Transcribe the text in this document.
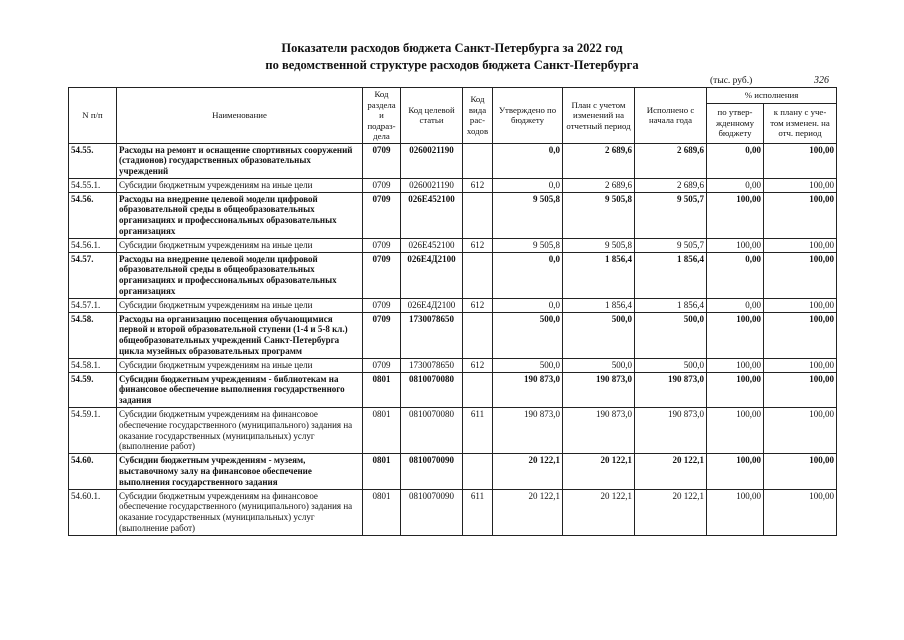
Показатели расходов бюджета Санкт-Петербурга за 2022 год
по ведомственной структуре расходов бюджета Санкт-Петербурга
(тыс. руб.)	326
N п/п	Наименование	Код раздела и подраз- дела	Код целевой статьи	Код вида рас- ходов	Утверждено по бюджету	План с учетом изменений на отчетный период	Исполнено с начала года	% исполнения	
								по утвер- жденному бюджету	к плану с уче- том изменен. на отч. период
54.55.	Расходы на ремонт и оснащение спортивных сооружений (стадионов) государственных образовательных учреждений	0709	0260021190		0,0	2 689,6	2 689,6	0,00	100,00
54.55.1.	Субсидии бюджетным учреждениям на иные цели	0709	0260021190	612	0,0	2 689,6	2 689,6	0,00	100,00
54.56.	Расходы на внедрение целевой модели цифровой образовательной среды в общеобразовательных организациях и профессиональных образовательных организациях	0709	026E452100		9 505,8	9 505,8	9 505,7	100,00	100,00
54.56.1.	Субсидии бюджетным учреждениям на иные цели	0709	026E452100	612	9 505,8	9 505,8	9 505,7	100,00	100,00
54.57.	Расходы на внедрение целевой модели цифровой образовательной среды в общеобразовательных организациях и профессиональных образовательных организациях	0709	026Е4Д2100		0,0	1 856,4	1 856,4	0,00	100,00
54.57.1.	Субсидии бюджетным учреждениям на иные цели	0709	026Е4Д2100	612	0,0	1 856,4	1 856,4	0,00	100,00
54.58.	Расходы на организацию посещения обучающимися первой и второй образовательной ступени (1-4 и 5-8 кл.) общеобразовательных учреждений Санкт-Петербурга цикла музейных образовательных программ	0709	1730078650		500,0	500,0	500,0	100,00	100,00
54.58.1.	Субсидии бюджетным учреждениям на иные цели	0709	1730078650	612	500,0	500,0	500,0	100,00	100,00
54.59.	Субсидии бюджетным учреждениям - библиотекам на финансовое обеспечение выполнения государственного задания	0801	0810070080		190 873,0	190 873,0	190 873,0	100,00	100,00
54.59.1.	Субсидии бюджетным учреждениям на финансовое обеспечение государственного (муниципального) задания на оказание государственных (муниципальных) услуг (выполнение работ)	0801	0810070080	611	190 873,0	190 873,0	190 873,0	100,00	100,00
54.60.	Субсидии бюджетным учреждениям - музеям, выставочному залу на финансовое обеспечение выполнения государственного задания	0801	0810070090		20 122,1	20 122,1	20 122,1	100,00	100,00
54.60.1.	Субсидии бюджетным учреждениям на финансовое обеспечение государственного (муниципального) задания на оказание государственных (муниципальных) услуг (выполнение работ)	0801	0810070090	611	20 122,1	20 122,1	20 122,1	100,00	100,00
